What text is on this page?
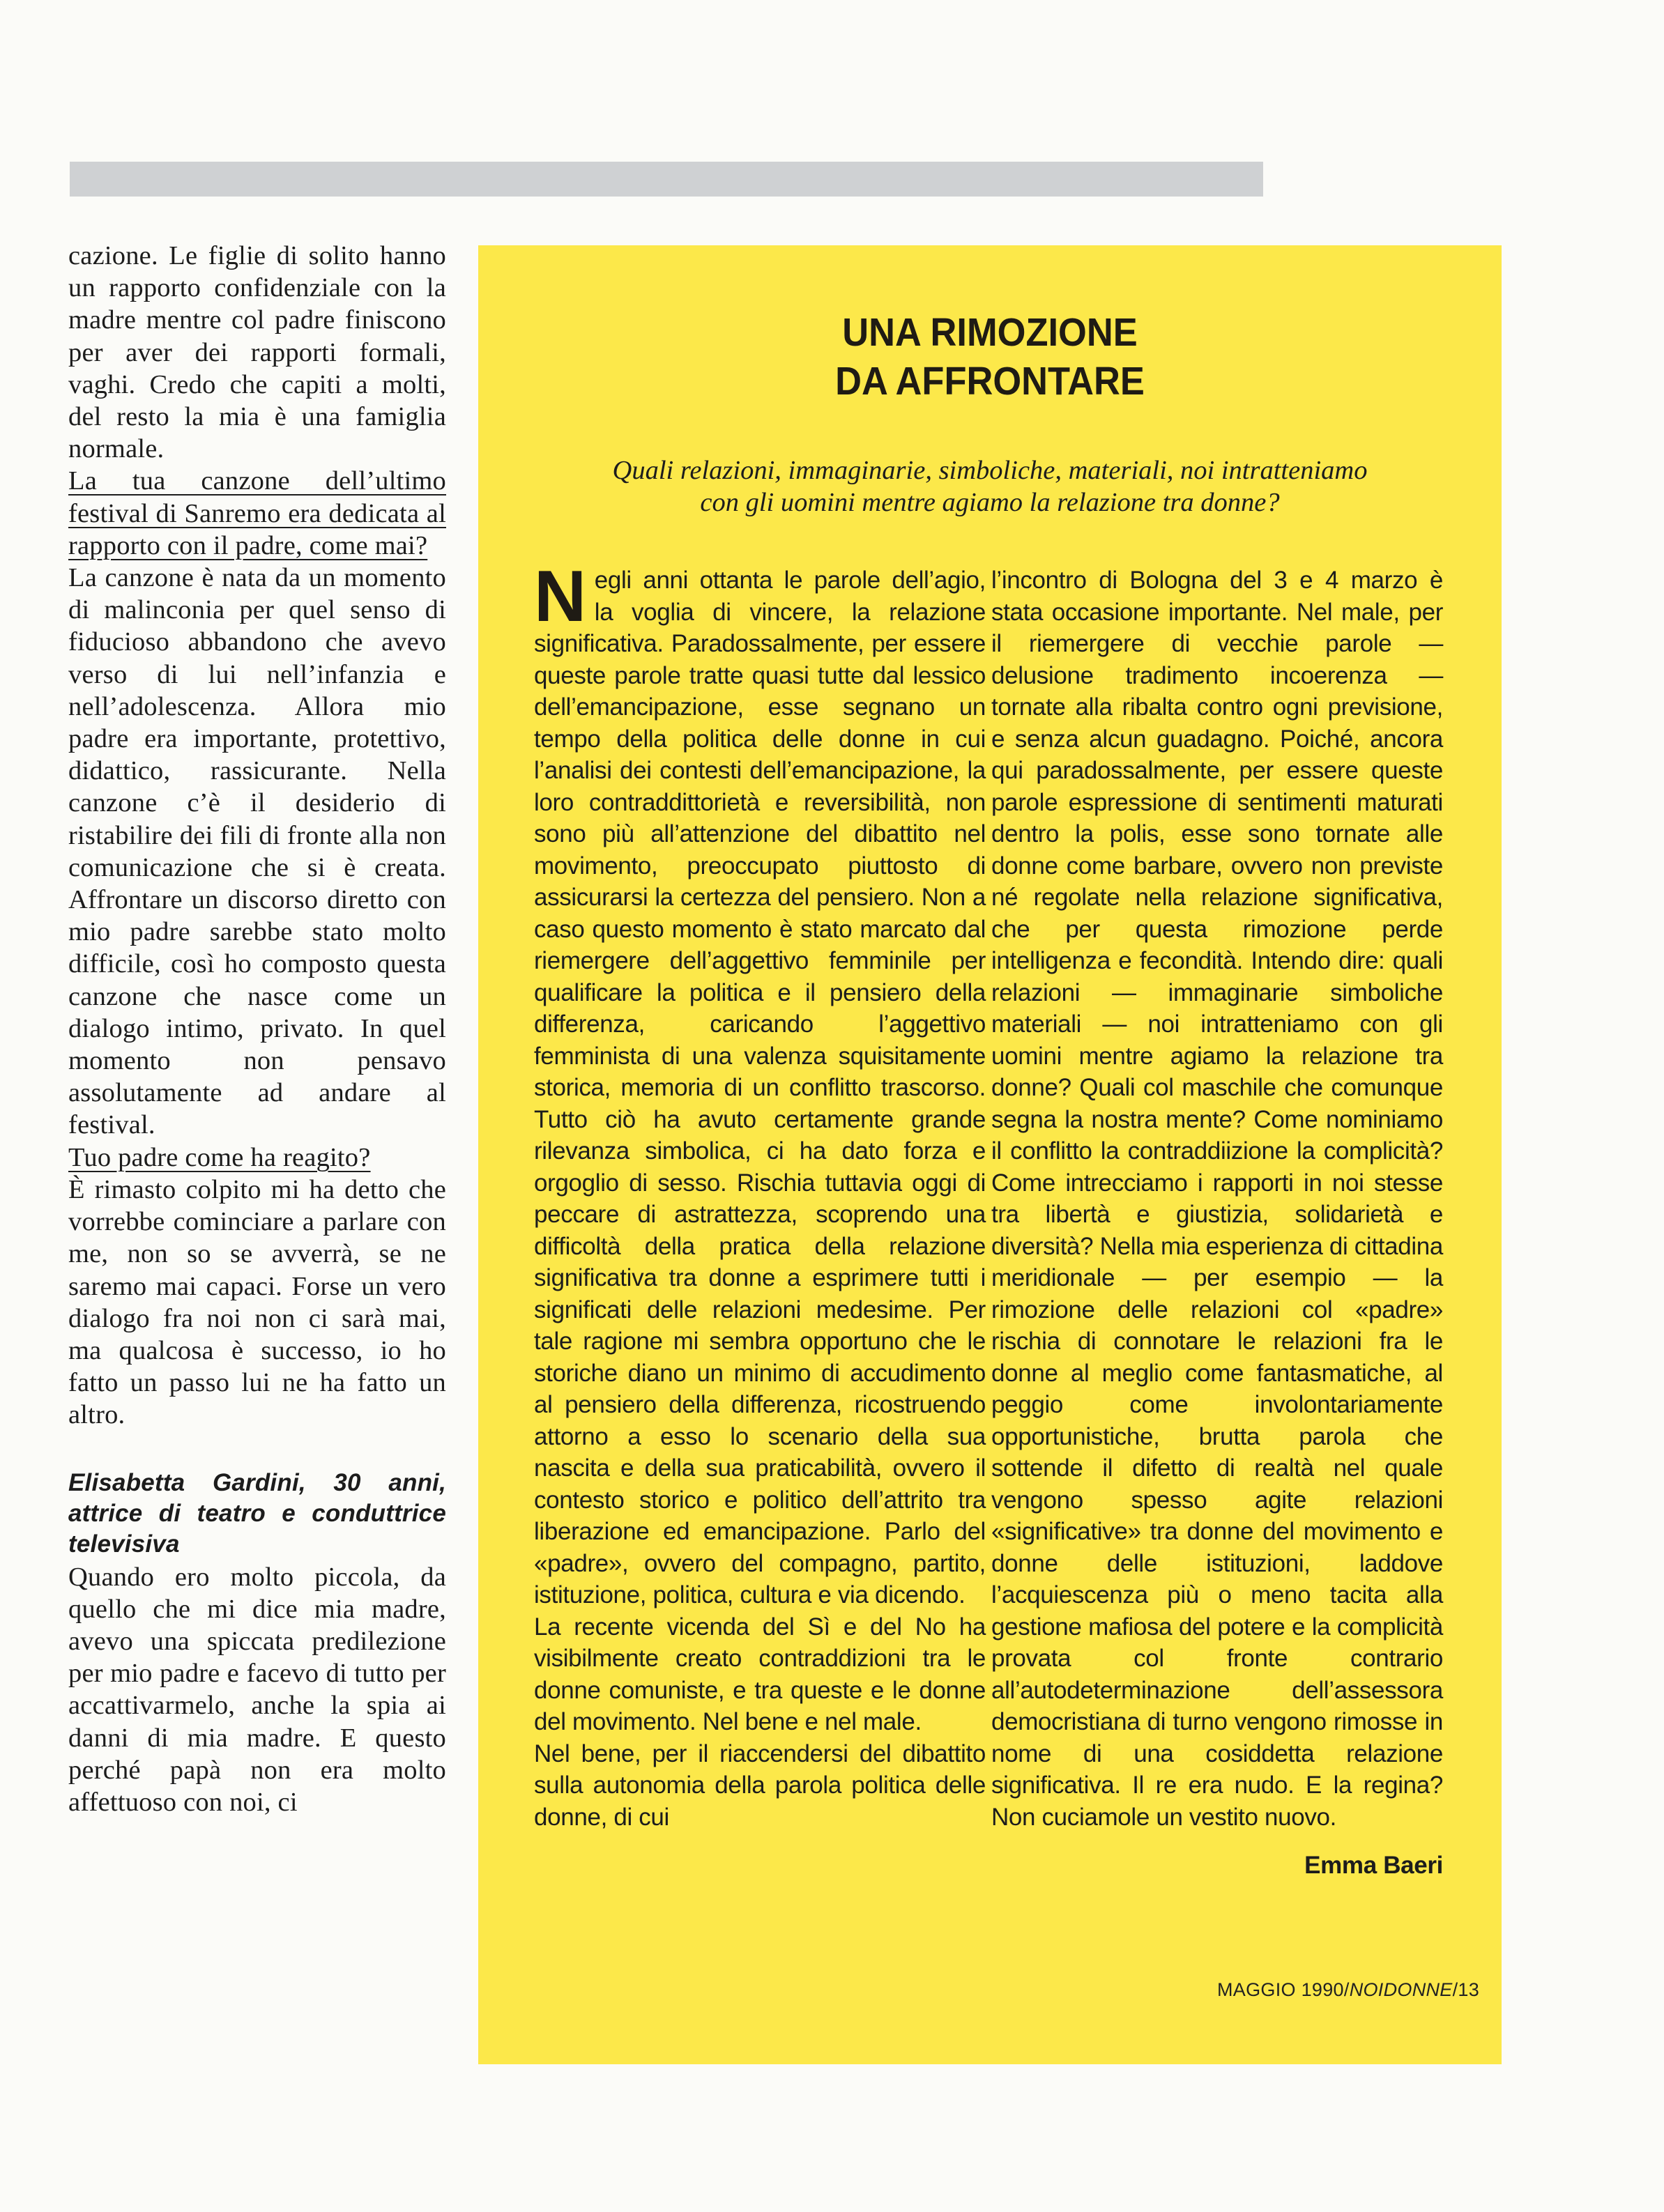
cazione. Le figlie di solito hanno un rapporto confidenziale con la madre mentre col padre finiscono per aver dei rapporti formali, vaghi. Credo che capiti a molti, del resto la mia è una famiglia normale.

La tua canzone dell’ultimo festival di Sanremo era dedicata al rapporto con il padre, come mai?

La canzone è nata da un momento di malinconia per quel senso di fiducioso abbandono che avevo verso di lui nell’infanzia e nell’adolescenza. Allora mio padre era importante, protettivo, didattico, rassicurante. Nella canzone c’è il desiderio di ristabilire dei fili di fronte alla non comunicazione che si è creata. Affrontare un discorso diretto con mio padre sarebbe stato molto difficile, così ho composto questa canzone che nasce come un dialogo intimo, privato. In quel momento non pensavo assolutamente ad andare al festival.

Tuo padre come ha reagito?

È rimasto colpito mi ha detto che vorrebbe cominciare a parlare con me, non so se avverrà, se ne saremo mai capaci. Forse un vero dialogo fra noi non ci sarà mai, ma qualcosa è successo, io ho fatto un passo lui ne ha fatto un altro.

Elisabetta Gardini, 30 anni, attrice di teatro e conduttrice televisiva

Quando ero molto piccola, da quello che mi dice mia madre, avevo una spiccata predilezione per mio padre e facevo di tutto per accattivarmelo, anche la spia ai danni di mia madre. E questo perché papà non era molto affettuoso con noi, ci

UNA RIMOZIONE
DA AFFRONTARE
Quali relazioni, immaginarie, simboliche, materiali, noi intratteniamo
con gli uomini mentre agiamo la relazione tra donne?

Negli anni ottanta le parole dell’agio, la voglia di vincere, la relazione significativa. Paradossalmente, per essere queste parole tratte quasi tutte dal lessico dell’emancipazione, esse segnano un tempo della politica delle donne in cui l’analisi dei contesti dell’emancipazione, la loro contraddittorietà e reversibilità, non sono più all’attenzione del dibattito nel movimento, preoccupato piuttosto di assicurarsi la certezza del pensiero. Non a caso questo momento è stato marcato dal riemergere dell’aggettivo femminile per qualificare la politica e il pensiero della differenza, caricando l’aggettivo femminista di una valenza squisitamente storica, memoria di un conflitto trascorso. Tutto ciò ha avuto certamente grande rilevanza simbolica, ci ha dato forza e orgoglio di sesso. Rischia tuttavia oggi di peccare di astrattezza, scoprendo una difficoltà della pratica della relazione significativa tra donne a esprimere tutti i significati delle relazioni medesime. Per tale ragione mi sembra opportuno che le storiche diano un minimo di accudimento al pensiero della differenza, ricostruendo attorno a esso lo scenario della sua nascita e della sua praticabilità, ovvero il contesto storico e politico dell’attrito tra liberazione ed emancipazione. Parlo del «padre», ovvero del compagno, partito, istituzione, politica, cultura e via dicendo.

La recente vicenda del Sì e del No ha visibilmente creato contraddizioni tra le donne comuniste, e tra queste e le donne del movimento. Nel bene e nel male.

Nel bene, per il riaccendersi del dibattito sulla autonomia della parola politica delle donne, di cui

l’incontro di Bologna del 3 e 4 marzo è stata occasione importante. Nel male, per il riemergere di vecchie parole — delusione tradimento incoerenza — tornate alla ribalta contro ogni previsione, e senza alcun guadagno. Poiché, ancora qui paradossalmente, per essere queste parole espressione di sentimenti maturati dentro la polis, esse sono tornate alle donne come barbare, ovvero non previste né regolate nella relazione significativa, che per questa rimozione perde intelligenza e fecondità. Intendo dire: quali relazioni — immaginarie simboliche materiali — noi intratteniamo con gli uomini mentre agiamo la relazione tra donne? Quali col maschile che comunque segna la nostra mente? Come nominiamo il conflitto la contraddiizione la complicità? Come intrecciamo i rapporti in noi stesse tra libertà e giustizia, solidarietà e diversità? Nella mia esperienza di cittadina meridionale — per esempio — la rimozione delle relazioni col «padre» rischia di connotare le relazioni fra le donne al meglio come fantasmatiche, al peggio come involontariamente opportunistiche, brutta parola che sottende il difetto di realtà nel quale vengono spesso agite relazioni «significative» tra donne del movimento e donne delle istituzioni, laddove l’acquiescenza più o meno tacita alla gestione mafiosa del potere e la complicità provata col fronte contrario all’autodeterminazione dell’assessora democristiana di turno vengono rimosse in nome di una cosiddetta relazione significativa. Il re era nudo. E la regina? Non cuciamole un vestito nuovo.

Emma Baeri
MAGGIO 1990/NOIDONNE/13
